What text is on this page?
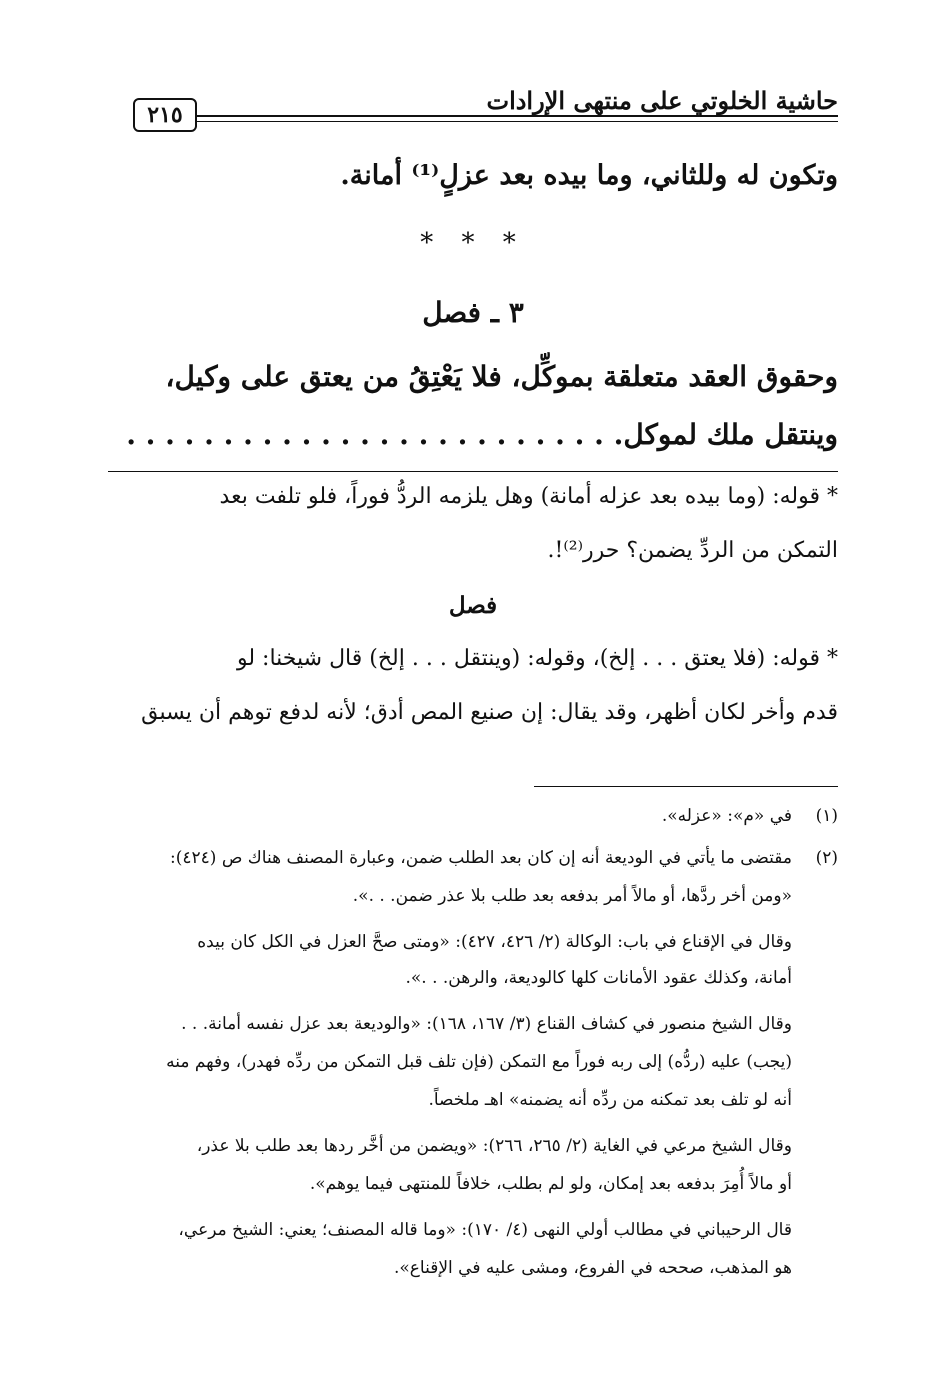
حاشية الخلوتي على منتهى الإرادات
٢١٥
وتكون له وللثاني، وما بيده بعد عزلٍ⁽¹⁾ أمانة.
* * *
٣ ـ فصل
وحقوق العقد متعلقة بموكِّل، فلا يَعْتِقُ من يعتق على وكيل،
وينتقل ملك لموكل. . . . . . . . . . . . . . . . . . . . . . . . . .
* قوله: (وما بيده بعد عزله أمانة) وهل يلزمه الردُّ فوراً، فلو تلفت بعد
التمكن من الردِّ يضمن؟ حرر⁽²⁾!.
فصل
* قوله: (فلا يعتق . . . إلخ)، وقوله: (وينتقل . . . إلخ) قال شيخنا: لو
قدم وأخر لكان أظهر، وقد يقال: إن صنيع المص أدق؛ لأنه لدفع توهم أن يسبق
(١)
في «م»: «عزله».
(٢)
مقتضى ما يأتي في الوديعة أنه إن كان بعد الطلب ضمن، وعبارة المصنف هناك ص (٤٢٤):
«ومن أخر ردَّها، أو مالاً أمر بدفعه بعد طلب بلا عذر ضمن. . .».
وقال في الإقناع في باب: الوكالة (٢/ ٤٢٦، ٤٢٧): «ومتى صحَّ العزل في الكل كان بيده
أمانة، وكذلك عقود الأمانات كلها كالوديعة، والرهن. . .».
وقال الشيخ منصور في كشاف القناع (٣/ ١٦٧، ١٦٨): «والوديعة بعد عزل نفسه أمانة. . .
(يجب) عليه (ردُّه) إلى ربه فوراً مع التمكن (فإن تلف قبل التمكن من ردِّه فهدر)، وفهم منه
أنه لو تلف بعد تمكنه من ردِّه أنه يضمنه» اهـ ملخصاً.
وقال الشيخ مرعي في الغاية (٢/ ٢٦٥، ٢٦٦): «ويضمن من أخَّر ردها بعد طلب بلا عذر،
أو مالاً أُمِرَ بدفعه بعد إمكان، ولو لم بطلب، خلافاً للمنتهى فيما يوهم».
قال الرحيباني في مطالب أولي النهى (٤/ ١٧٠): «وما قاله المصنف؛ يعني: الشيخ مرعي،
هو المذهب، صححه في الفروع، ومشى عليه في الإقناع».
